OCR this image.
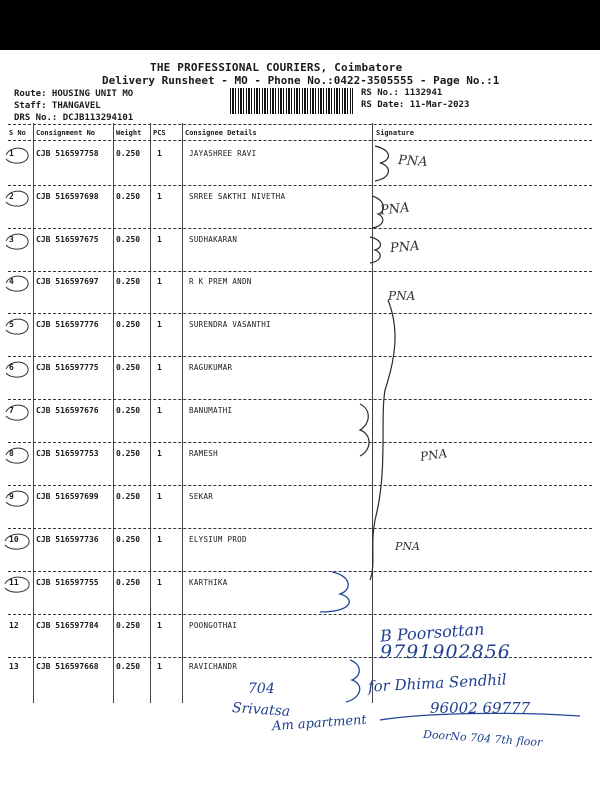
THE PROFESSIONAL COURIERS, Coimbatore
Delivery Runsheet - MO - Phone No.:0422-3505555 - Page No.:1
Route: HOUSING UNIT MO
Staff: THANGAVEL
DRS No.: DCJB113294101
RS No.: 1132941
RS Date: 11-Mar-2023
S No Consignment No	Weight PCS	Consignee Details	Signature
1	CJB 516597758 0.250 1	JAYASHREE RAVI
2	CJB 516597698 0.250 1	SRREE SAKTHI NIVETHA
3	CJB 516597675 0.250 1	SUDHAKARAN
4	CJB 516597697 0.250 1	R K PREM ANDN
5	CJB 516597776 0.250 1	SURENDRA VASANTHI
6	CJB 516597775 0.250 1	RAGUKUMAR
7	CJB 516597676 0.250 1	BANUMATHI
8	CJB 516597753 0.250 1	RAMESH
9	CJB 516597699 0.250 1	SEKAR
10 CJB 516597736 0.250 1	ELYSIUM PROD
11 CJB 516597755 0.250 1	KARTHIKA
12 CJB 516597784 0.250 1	POONGOTHAI
13 CJB 516597668 0.250 1	RAVICHANDR
PNA
PNA
PNA
PNA
PNA
PNA
B Poorsottan
9791902856
for Dhima Sendhil
96002 69777
704
Srivatsa
Am apartment
DoorNo 704 7th floor
